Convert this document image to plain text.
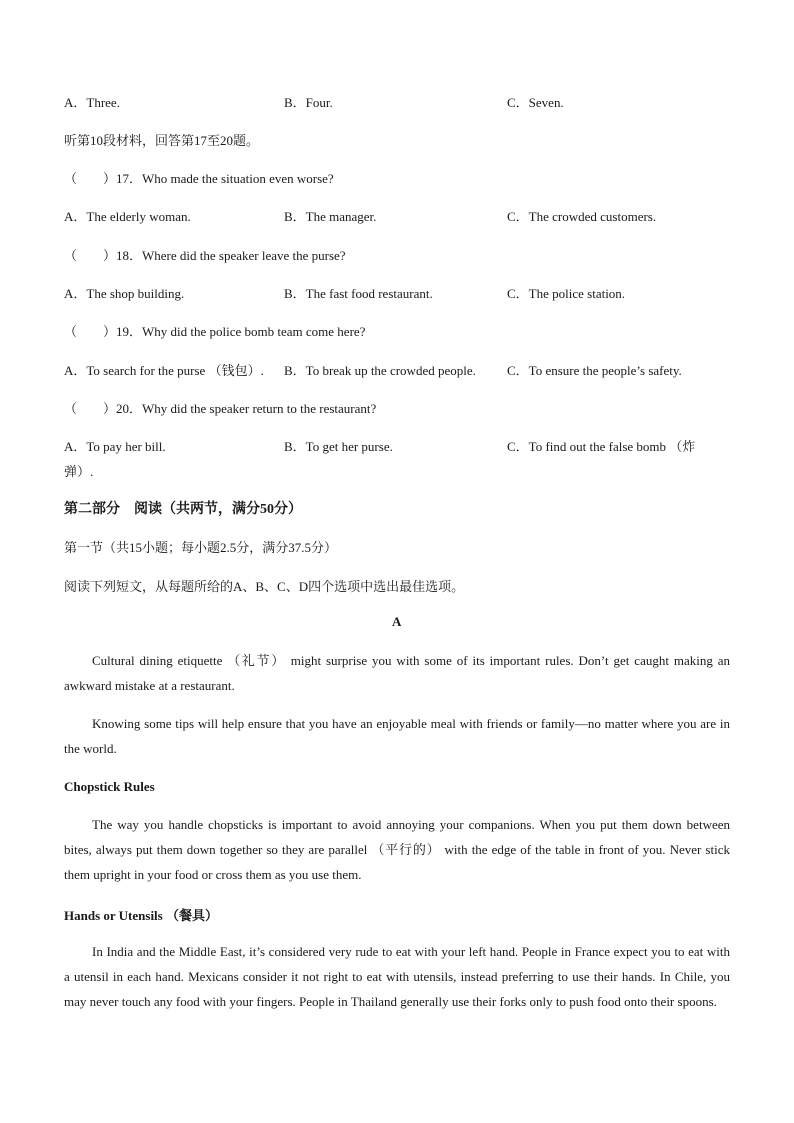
A．Three.	B．Four.	C．Seven.
听第10段材料，回答第17至20题。
（　　）17．Who made the situation even worse?
A．The elderly woman.	B．The manager.	C．The crowded customers.
（　　）18．Where did the speaker leave the purse?
A．The shop building.	B．The fast food restaurant.	C．The police station.
（　　）19．Why did the police bomb team come here?
A．To search for the purse （钱包）. B．To break up the crowded people. C．To ensure the people’s safety.
（　　）20．Why did the speaker return to the restaurant?
A．To pay her bill.	B．To get her purse.	C．To find out the false bomb （炸
弹）.
第二部分　阅读（共两节，满分50分）
第一节（共15小题；每小题2.5分，满分37.5分）
阅读下列短文，从每题所给的A、B、C、D四个选项中选出最佳选项。
A

Cultural dining etiquette （礼节） might surprise you with some of its important rules. Don’t get caught making an awkward mistake at a restaurant.

Knowing some tips will help ensure that you have an enjoyable meal with friends or family—no matter where you are in the world.

Chopstick Rules

The way you handle chopsticks is important to avoid annoying your companions. When you put them down between bites, always put them down together so they are parallel （平行的） with the edge of the table in front of you. Never stick them upright in your food or cross them as you use them.

Hands or Utensils （餐具）

In India and the Middle East, it’s considered very rude to eat with your left hand. People in France expect you to eat with a utensil in each hand. Mexicans consider it not right to eat with utensils, instead preferring to use their hands. In Chile, you may never touch any food with your fingers. People in Thailand generally use their forks only to push food onto their spoons.
